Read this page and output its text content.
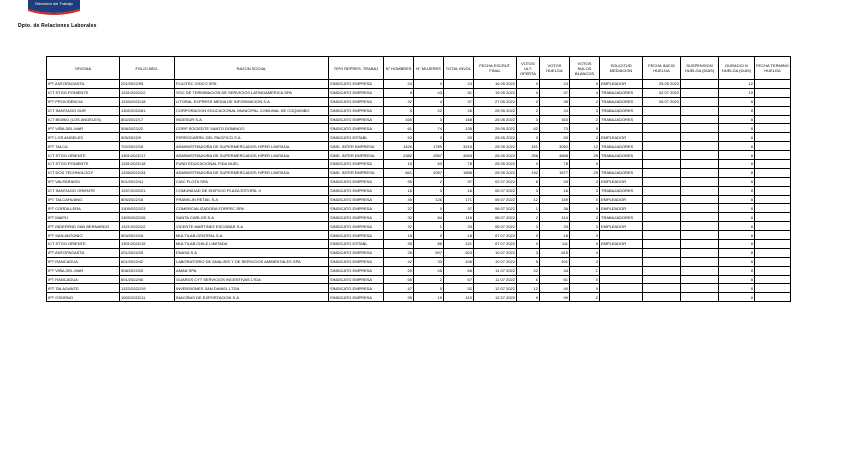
Dirección del Trabajo
Dpto. de Relaciones Laborales
OFICINA	FOLIO NEG.	RAZON SOCIAL	TIPO REPRES. TRABAJ	N° HOMBRES	N° MUJERES	TOTAL INVOL	FECHA ESCRUT. FINAL	VOTOS ULT. OFERTA	VOTOS HUELGA	VOTOS NULOS BLANCOS	SOLICITUD MEDIACION	FECHA INICIO HUELGA	SUSPENSION HUELGA (DIAS)	DURACIO N HUELGA (DIAS)	FECHA TERMINO HUELGA
IPT ANTOFAGASTA	201/2022/95	FLUJTEC CHICO SPA	SINDICATO EMPRESA	24	0	24	16 05 2022	0	24	0	EMPLEADOR	25 05 2022		12	
ICT STGO.PONIENTE	1331/2022/22	SOC DE TERMINACION DE SERVICIOS LATINOAMERICA SPA	SINDICATO EMPRESA	8	43	51	19 05 2022	0	47	4	TRABAJADORES	02 07 2022		10	
IPT PROVIDENCIA	1333/2022/18	LITORAL EXPRESS MEDIA DE INFORMACION S.A	SINDICATO EMPRESA	32	4	37	27 05 2022	0	35	2	TRABAJADORES	06 07 2022		8	
ICT SANTIAGO SUR	1302/2022/61	CORPORACION EDUCACIONAL MUNICIPAL COMUNAL DE COQUIMBO	SINDICATO EMPRESA	4	22	26	28 05 2022	2	24	0	TRABAJADORES			8	
ICT BIOBIO (LOS ANGELES)	802/2022/17	INGESUR S.A	SINDICATO EMPRESA	165	3	168	28 05 2022	3	163	2	TRABAJADORES			8	
IPT VIÑA DEL MAR	508/2022/22	CORP SOCIEDTE SANTO DOMINGO	SINDICATO EMPRESA	61	74	135	29 05 2022	62	73	0				8	
IPT LOS ANGELES	505/2022/9	FERROCARRIL DEL PACIFICO S.A	SINDICATO ESTABL	53	0	53	28 05 2022	0	53	0	EMPLEADOR			8	
IPT TALCA	702/2022/18	ADMINISTRADORA DE SUPERMERCADOS HIPER LIMITADA	SIND. INTER EMPRESA	1426	1789	3215	28 05 2022	151	3052	12	TRABAJADORES			8	
ICT STGO.ORIENTE	1301/2022/17	ADMINISTRADORA DE SUPERMERCADOS HIPER LIMITADA	SIND. INTER EMPRESA	2382	2557	4943	28 05 2022	256	4658	29	TRABAJADORES			8	
ICT STGO.PONIENTE	1331/2022/18	FUND EDUCACIONAL FIDA NUEL	SINDICATO EMPRESA	15	63	78	28 05 2022	0	78	0				8	
ICT DOS TECHNOLOGY	1335/2022/34	ADMINISTRADORA DE SUPERMERCADOS HIPER LIMITADA	SIND. INTER EMPRESA	841	1057	1898	28 05 2022	192	1677	29	TRABAJADORES			8	
IPT VALPARAISO	501/2022/41	CIAC FLOTA SPA	SINDICATO EMPRESA	95	2	97	02 07 2022	6	93	0	EMPLEADOR			8	
ICT SANTIAGO ORIENTE	1337/2022/21	COMUNIDAD DE EDIFICIO PLAZA ESTORIL II	SINDICATO EMPRESA	16	0	16	05 07 2022	0	16	0	TRABAJADORES			8	
IPT TALCAHUANO	805/2022/16	FRANKLIN RETAIL S.A	SINDICATO EMPRESA	45	126	171	06 07 2022	12	159	0	EMPLEADOR			8	
IPT CORDILLERA	1309/2022/23	COMERCIALIZADORA FORPEC SPA	SINDICATO EMPRESA	37	0	37	06 07 2022	1	36	0	EMPLEADOR			8	
IPT MAIPU	1309/2022/26	SANTA CARLOS S.A	SINDICATO EMPRESA	33	84	116	06 07 2022	2	114	0	TRABAJADORES			8	
IPT INDEPEND SAN BERNARDO	1321/2022/22	VICENTE MARTINEZ ESCOBAR S.A	SINDICATO EMPRESA	32	1	33	06 07 2022	0	33	0	EMPLEADOR			8	
IPT SAN ANTONIO	504/2022/16	MULTILAB CENTRAL S.A	SINDICATO EMPRESA	18	0	18	07 07 2022	0	18	0				8	
ICT STGO.ORIENTE	1301/2022/15	MULTILAB CHILE LIMITADA	SINDICATO ESTABL	35	86	121	07 07 2022	0	111	0	EMPLEADOR			8	
IPT ANTOFAGASTA	201/2022/25	ENASA S.A	SINDICATO EMPRESA	26	597	623	10 07 2022	3	615	0				8	
IPT RANCAGUA	601/2022/42	LABORATORIO DE ANALISIS Y DE SERVICIOS AMBIENTALES SPA	SINDICATO EMPRESA	42	33	106	10 07 2022	5	101	0				8	
IPT VIÑA DEL MAR	508/2022/20	AMAN SPA	SINDICATO EMPRESA	20	46	66	11 07 2022	22	34	1				8	
IPT RANCAGUA	601/2022/40	GUARDS CYT SERVICIOS INCENTIVAS LTDA	SINDICATO EMPRESA	65	2	67	11 07 2022	6	61	0				8	
IPT TALAGANTE	1322/2022/19	INVERSIONES SAN DANIEL LTDA	SINDICATO EMPRESA	47	5	52	12 07 2022	12	40	0				8	
IPT OSORNO	1002/2022/11	INACIRAS DE EXPORTACION S.A	SINDICATO EMPRESA	95	15	110	12 07 2022	9	99	2				8	
